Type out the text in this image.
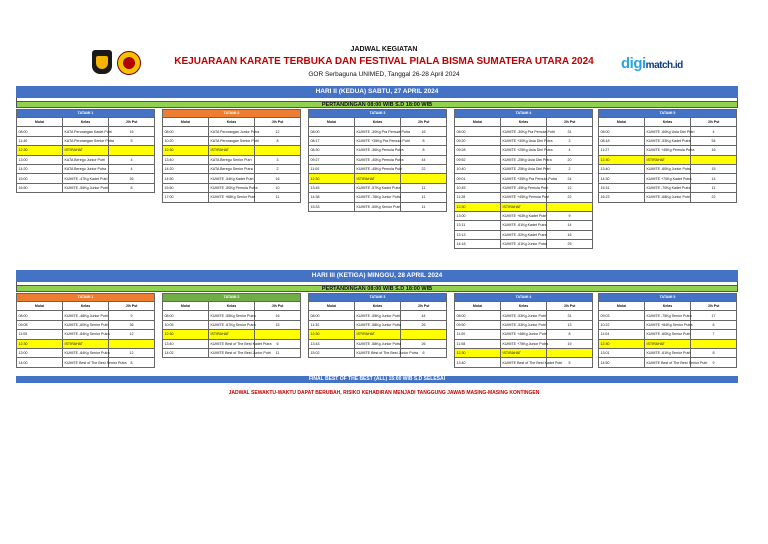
JADWAL KEGIATAN
KEJUARAAN KARATE TERBUKA DAN FESTIVAL PIALA BISMA SUMATERA UTARA 2024
GOR Serbaguna UNIMED, Tanggal 26-28 April 2024
digimatch.id
HARI II (KEDUA) SABTU, 27 APRIL 2024
PERTANDINGAN 08:00 WIB S.D 18:00 WIB
TATAMI 1		
Mulai	Kelas	Jlh Pst
08:00	KATA Perorangan Kadet Putri	15
11:40	KATA Perorangan Senior Putra	5
12:30	ISTIRAHAT	
13:00	KATA Beregu Junior Putri	4
14:20	KATA Beregu Junior Putra	4
15:00	KUMITE -47Kg Kadet Putri	26
16:50	KUMITE -55Kg Junior Putri	8
TATAMI 2		
Mulai	Kelas	Jlh Pst
08:00	KATA Perorangan Junior Putra	12
10:20	KATA Perorangan Senior Putri	8
12:30	ISTIRAHAT	
13:40	KATA Beregu Senior Putri	3
14:20	KATA Beregu Senior Putra	2
14:50	KUMITE -54Kg Kadet Putri	16
15:50	KUMITE -50Kg Pemula Putra	10
17:00	KUMITE +68Kg Senior Putri	11
TATAMI 3		
Mulai	Kelas	Jlh Pst
08:00	KUMITE -30Kg Pra Pemula Putra	16
08:17	KUMITE +35Kg Pra Pemula Putri	8
08:30	KUMITE -36Kg Pemula Putra	8
09:27	KUMITE -40Kg Pemula Putra	44
11:00	KUMITE -45Kg Pemula Putri	22
12:30	ISTIRAHAT	
13:45	KUMITE -57Kg Kadet Putra	11
14:38	KUMITE -76Kg Junior Putra	11
15:33	KUMITE -50Kg Senior Putri	11
TATAMI 4		
Mulai	Kelas	Jlh Pst
08:00	KUMITE -30Kg Pra Pemula Putri	31
09:20	KUMITE +30Kg Usia Dini Putra	3
09:28	KUMITE +25Kg Usia Dini Putra	4
09:52	KUMITE -25Kg Usia Dini Putra	20
10:40	KUMITE -25Kg Usia Dini Putri	2
09:01	KUMITE +35Kg Pra Pemula Putra	24
10:45	KUMITE -45Kg Pemula Putri	12
11:28	KUMITE +45Kg Pemula Putri	22
12:30	ISTIRAHAT	
13:00	KUMITE +63Kg Kadet Putri	9
13:11	KUMITE -61Kg Kadet Putra	14
13:13	KUMITE -52Kg Kadet Putra	16
14:18	KUMITE -61Kg Junior Putra	25
TATAMI 5		
Mulai	Kelas	Jlh Pst
08:00	KUMITE -60Kg Usia Dini Putri	4
08:18	KUMITE -53Kg Kadet Putra	54
11:27	KUMITE +45Kg Pemula Putra	16
12:30	ISTIRAHAT	
13:40	KUMITE -60Kg Junior Putra	15
14:30	KUMITE +70Kg Kadet Putra	14
15:31	KUMITE -70Kg Kadet Putra	11
16:23	KUMITE -68Kg Junior Putri	22
HARI III (KETIGA) MINGGU, 28 APRIL 2024
PERTANDINGAN 08:00 WIB S.D 18:00 WIB
TATAMI 1		
Mulai	Kelas	Jlh Pst
08:00	KUMITE -48Kg Junior Putri	9
09:08	KUMITE -60Kg Senior Putri	36
11:05	KUMITE -84Kg Senior Putra	12
12:30	ISTIRAHAT	
13:00	KUMITE -84Kg Senior Putra	12
14:00	KUMITE Best of The Best Senior Putra	8
TATAMI 2		
Mulai	Kelas	Jlh Pst
08:00	KUMITE -55Kg Senior Putra	16
10:05	KUMITE -67Kg Senior Putra	15
12:30	ISTIRAHAT	
13:40	KUMITE Best of The Best Kadet Putra	6
14:02	KUMITE Best of The Best Junior Putri	11
TATAMI 3		
Mulai	Kelas	Jlh Pst
08:00	KUMITE -55Kg Junior Putri	44
11:30	KUMITE -58Kg Junior Putra	26
12:30	ISTIRAHAT	
13:43	KUMITE -58Kg Junior Putra	26
15:02	KUMITE Best of The Best Junior Putra	6
TATAMI 4		
Mulai	Kelas	Jlh Pst
08:00	KUMITE -53Kg Junior Putri	31
09:50	KUMITE -53Kg Junior Putri	13
11:00	KUMITE +48Kg Junior Putri	8
11:08	KUMITE +75Kg Junior Putra	19
12:30	ISTIRAHAT	
13:40	KUMITE Best of The Best Kadet Putri	5
TATAMI 5		
Mulai	Kelas	Jlh Pst
09:03	KUMITE -75Kg Senior Putra	17
10:22	KUMITE +84Kg Senior Putra	8
11:04	KUMITE -60Kg Senior Putri	7
12:30	ISTIRAHAT	
13:01	KUMITE -61Kg Senior Putri	8
14:50	KUMITE Best of The Best Senior Putri	9
FINAL BEST OF THE BEST (ALL) 15:00 WIB S.D SELESAI
JADWAL SEWAKTU-WAKTU DAPAT BERUBAH, RISIKO KEHADIRAN MENJADI TANGGUNG JAWAB MASING-MASING KONTINGEN
